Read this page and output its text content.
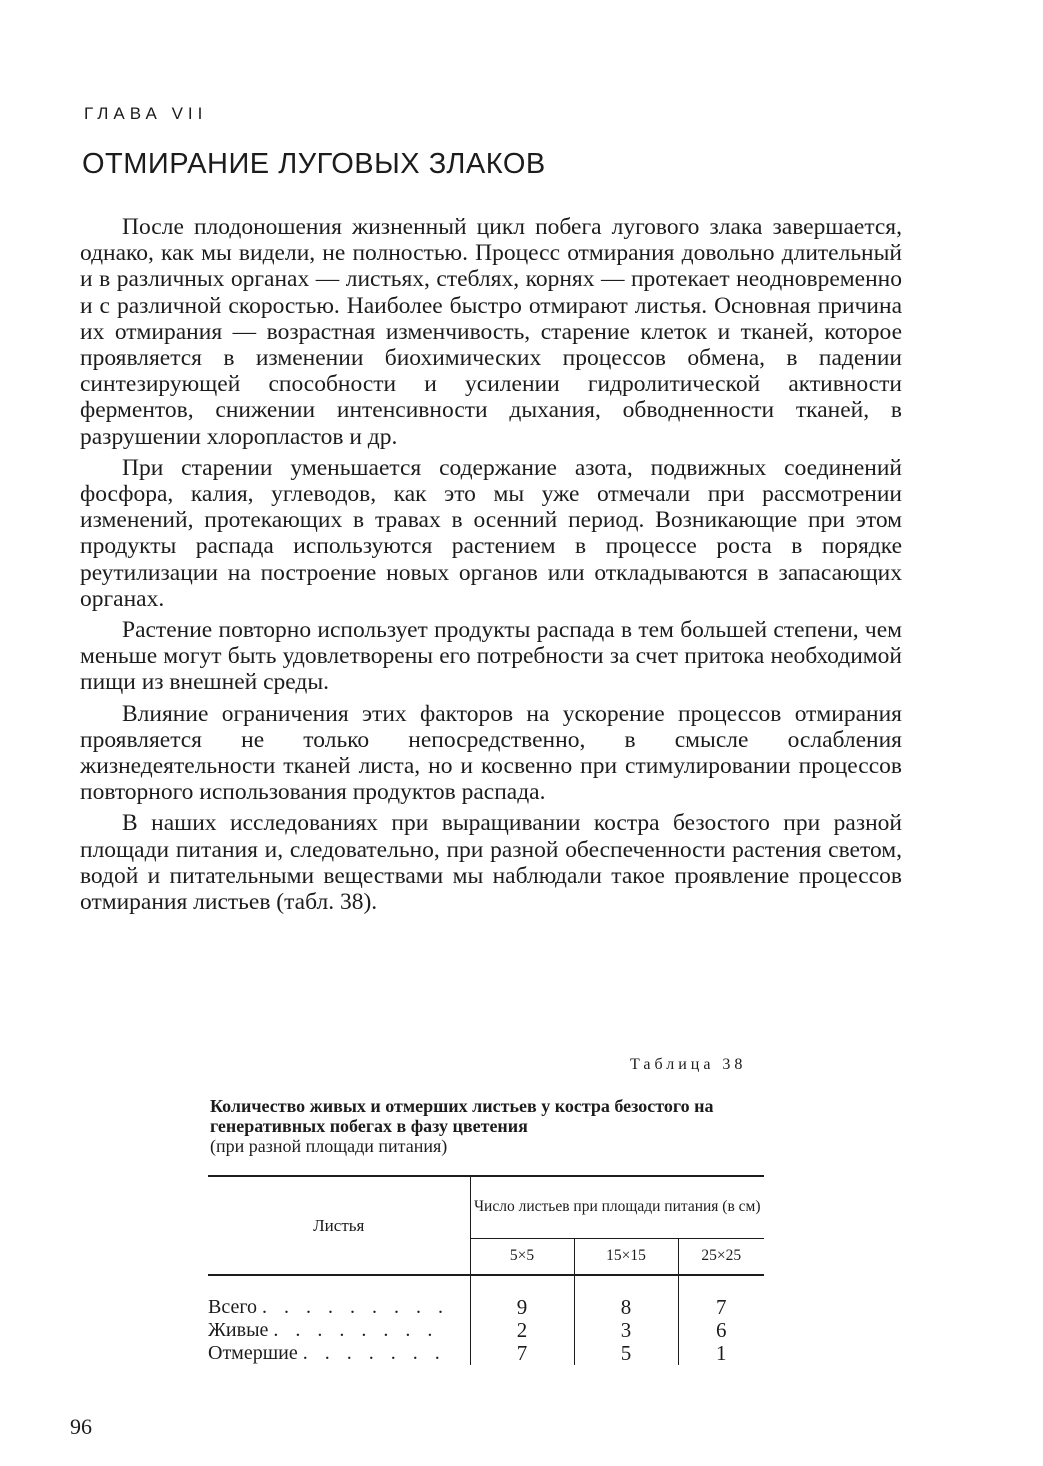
ГЛАВА VII
ОТМИРАНИЕ ЛУГОВЫХ ЗЛАКОВ

После плодоношения жизненный цикл побега лугового злака завершается, однако, как мы видели, не полностью. Процесс отмирания довольно длительный и в различных органах — листьях, стеблях, корнях — протекает неодновременно и с различной скоростью. Наиболее быстро отмирают листья. Основная причина их отмирания — возрастная изменчивость, старение клеток и тканей, которое проявляется в изменении биохимических процессов обмена, в падении синтезирующей способности и усилении гидролитической активности ферментов, снижении интенсивности дыхания, обводненности тканей, в разрушении хлоропластов и др.

При старении уменьшается содержание азота, подвижных соединений фосфора, калия, углеводов, как это мы уже отмечали при рассмотрении изменений, протекающих в травах в осенний период. Возникающие при этом продукты распада используются растением в процессе роста в порядке реутилизации на построение новых органов или откладываются в запасающих органах.

Растение повторно использует продукты распада в тем большей степени, чем меньше могут быть удовлетворены его потребности за счет притока необходимой пищи из внешней среды.

Влияние ограничения этих факторов на ускорение процессов отмирания проявляется не только непосредственно, в смысле ослабления жизнедеятельности тканей листа, но и косвенно при стимулировании процессов повторного использования продуктов распада.

В наших исследованиях при выращивании костра безостого при разной площади питания и, следовательно, при разной обеспеченности растения светом, водой и питательными веществами мы наблюдали такое проявление процессов отмирания листьев (табл. 38).

Таблица 38
Количество живых и отмерших листьев у костра безостого на генеративных побегах в фазу цветения
(при разной площади питания)
Листья	Число листьев при площади питания (в см)		
	5×5	15×15	25×25

Всего . . . . . . . . .	9	8	7
Живые . . . . . . . .	2	3	6
Отмершие . . . . . . .	7	5	1
96
